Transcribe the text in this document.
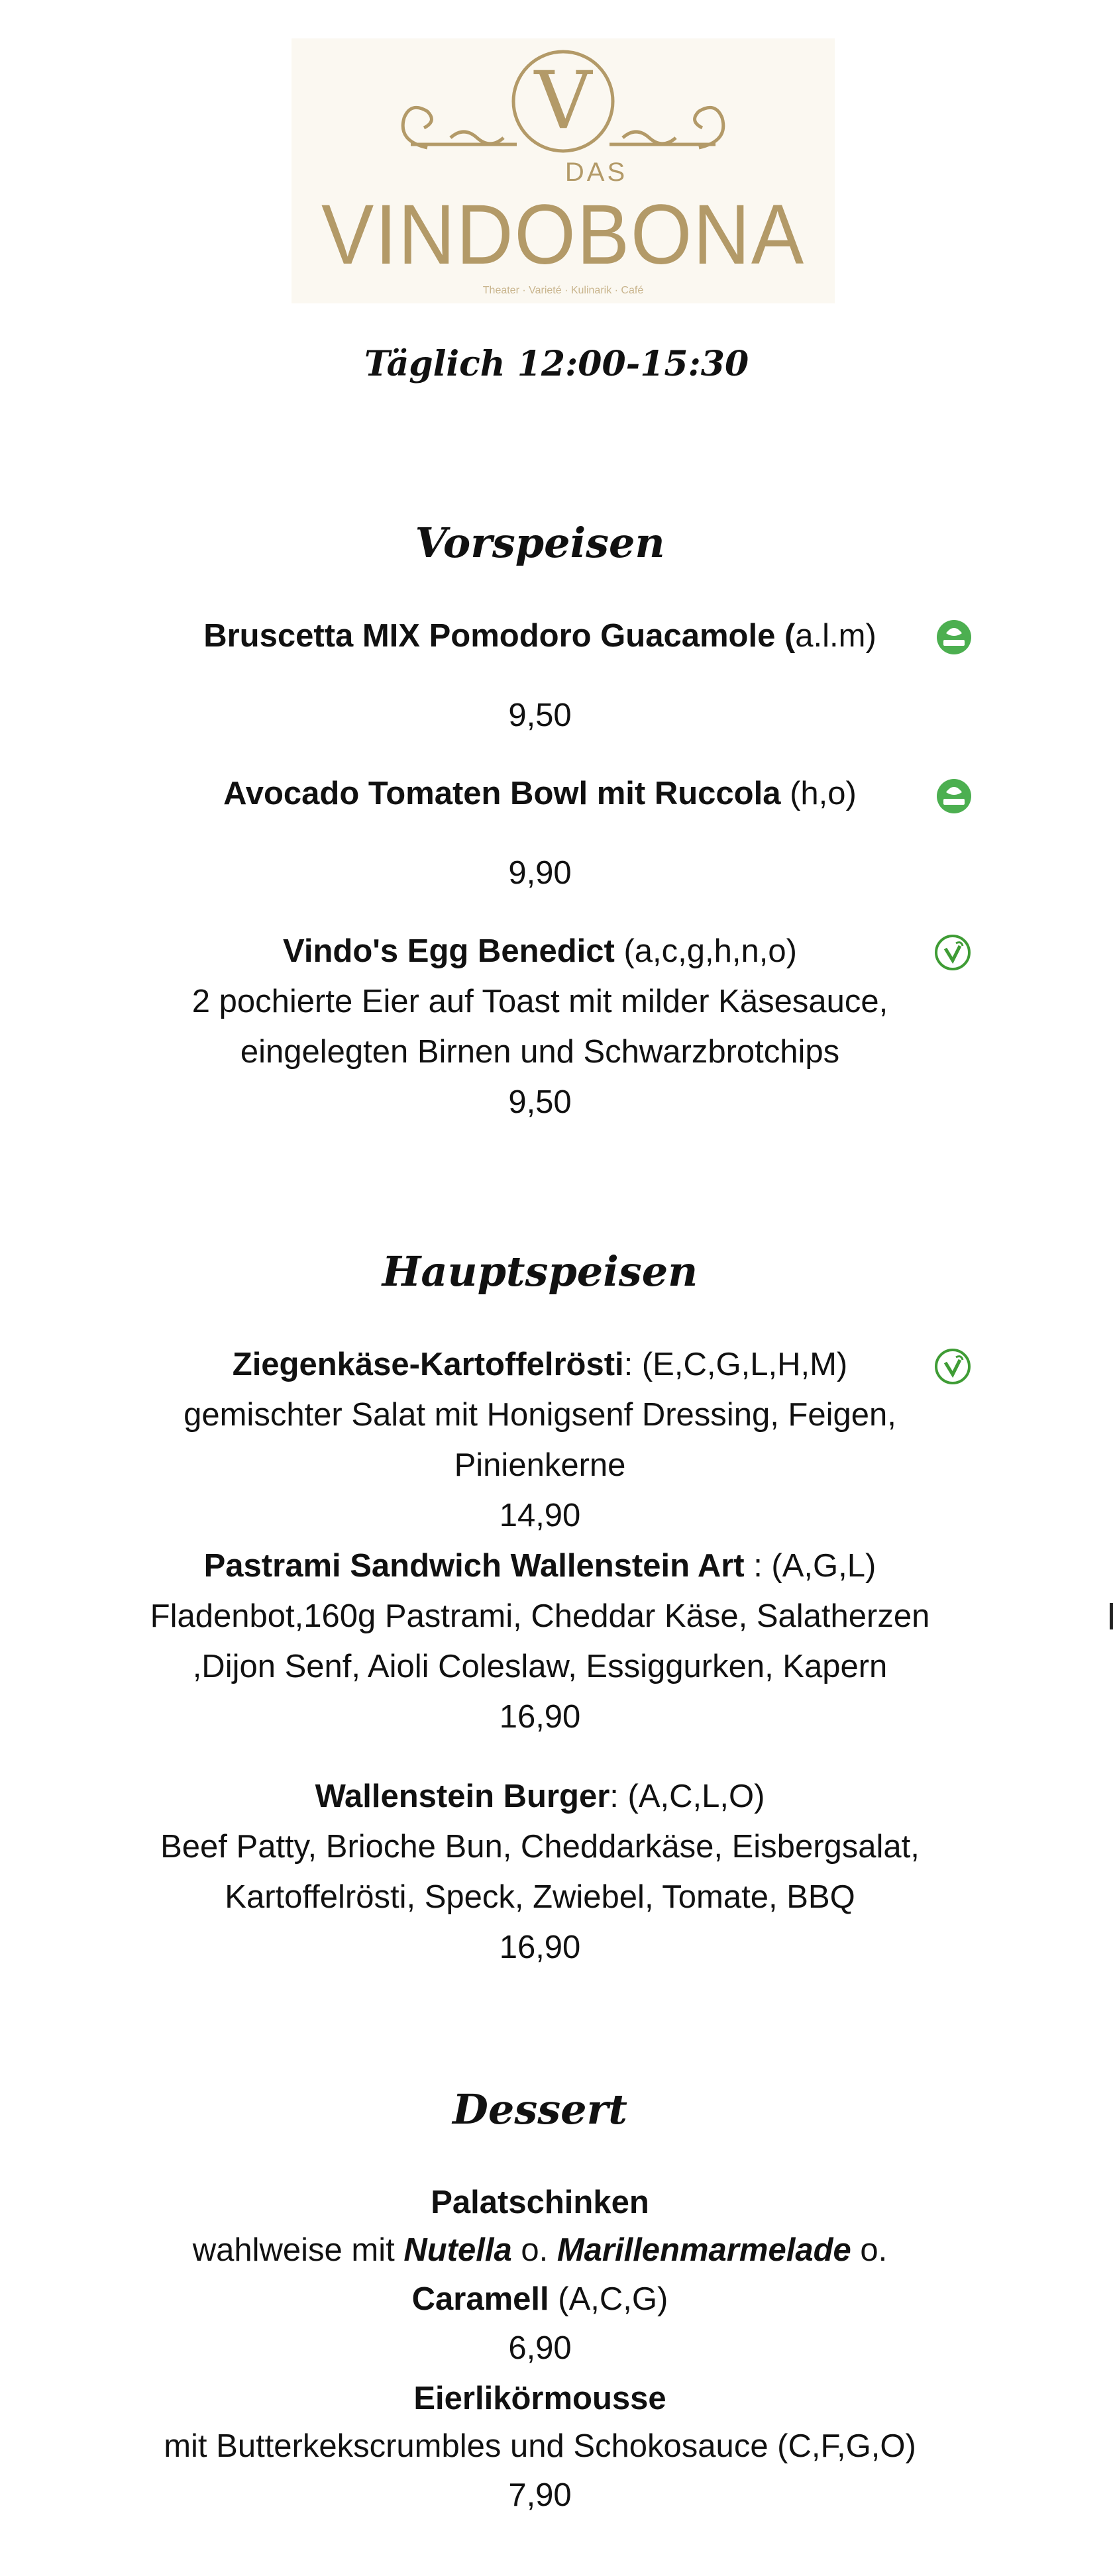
V
DAS
VINDOBONA
Theater · Varieté · Kulinarik · Café
Täglich 12:00-15:30
Vorspeisen
Bruscetta MIX Pomodoro Guacamole (a.l.m)
9,50
Avocado Tomaten Bowl mit Ruccola (h,o)
9,90
Vindo's Egg Benedict (a,c,g,h,n,o)
2 pochierte Eier auf Toast mit milder Käsesauce,
eingelegten Birnen und Schwarzbrotchips
9,50
Hauptspeisen
Ziegenkäse-Kartoffelrösti: (E,C,G,L,H,M)
gemischter Salat mit Honigsenf Dressing, Feigen,
Pinienkerne
14,90
Pastrami Sandwich Wallenstein Art : (A,G,L)
Fladenbot,160g Pastrami, Cheddar Käse, Salatherzen
,Dijon Senf, Aioli Coleslaw, Essiggurken, Kapern
16,90
Wallenstein Burger: (A,C,L,O)
Beef Patty, Brioche Bun, Cheddarkäse, Eisbergsalat,
Kartoffelrösti, Speck, Zwiebel, Tomate, BBQ
16,90
Dessert
Palatschinken
wahlweise mit Nutella o. Marillenmarmelade o.
Caramell (A,C,G)
6,90
Eierlikörmousse
mit Butterkekscrumbles und Schokosauce (C,F,G,O)
7,90
